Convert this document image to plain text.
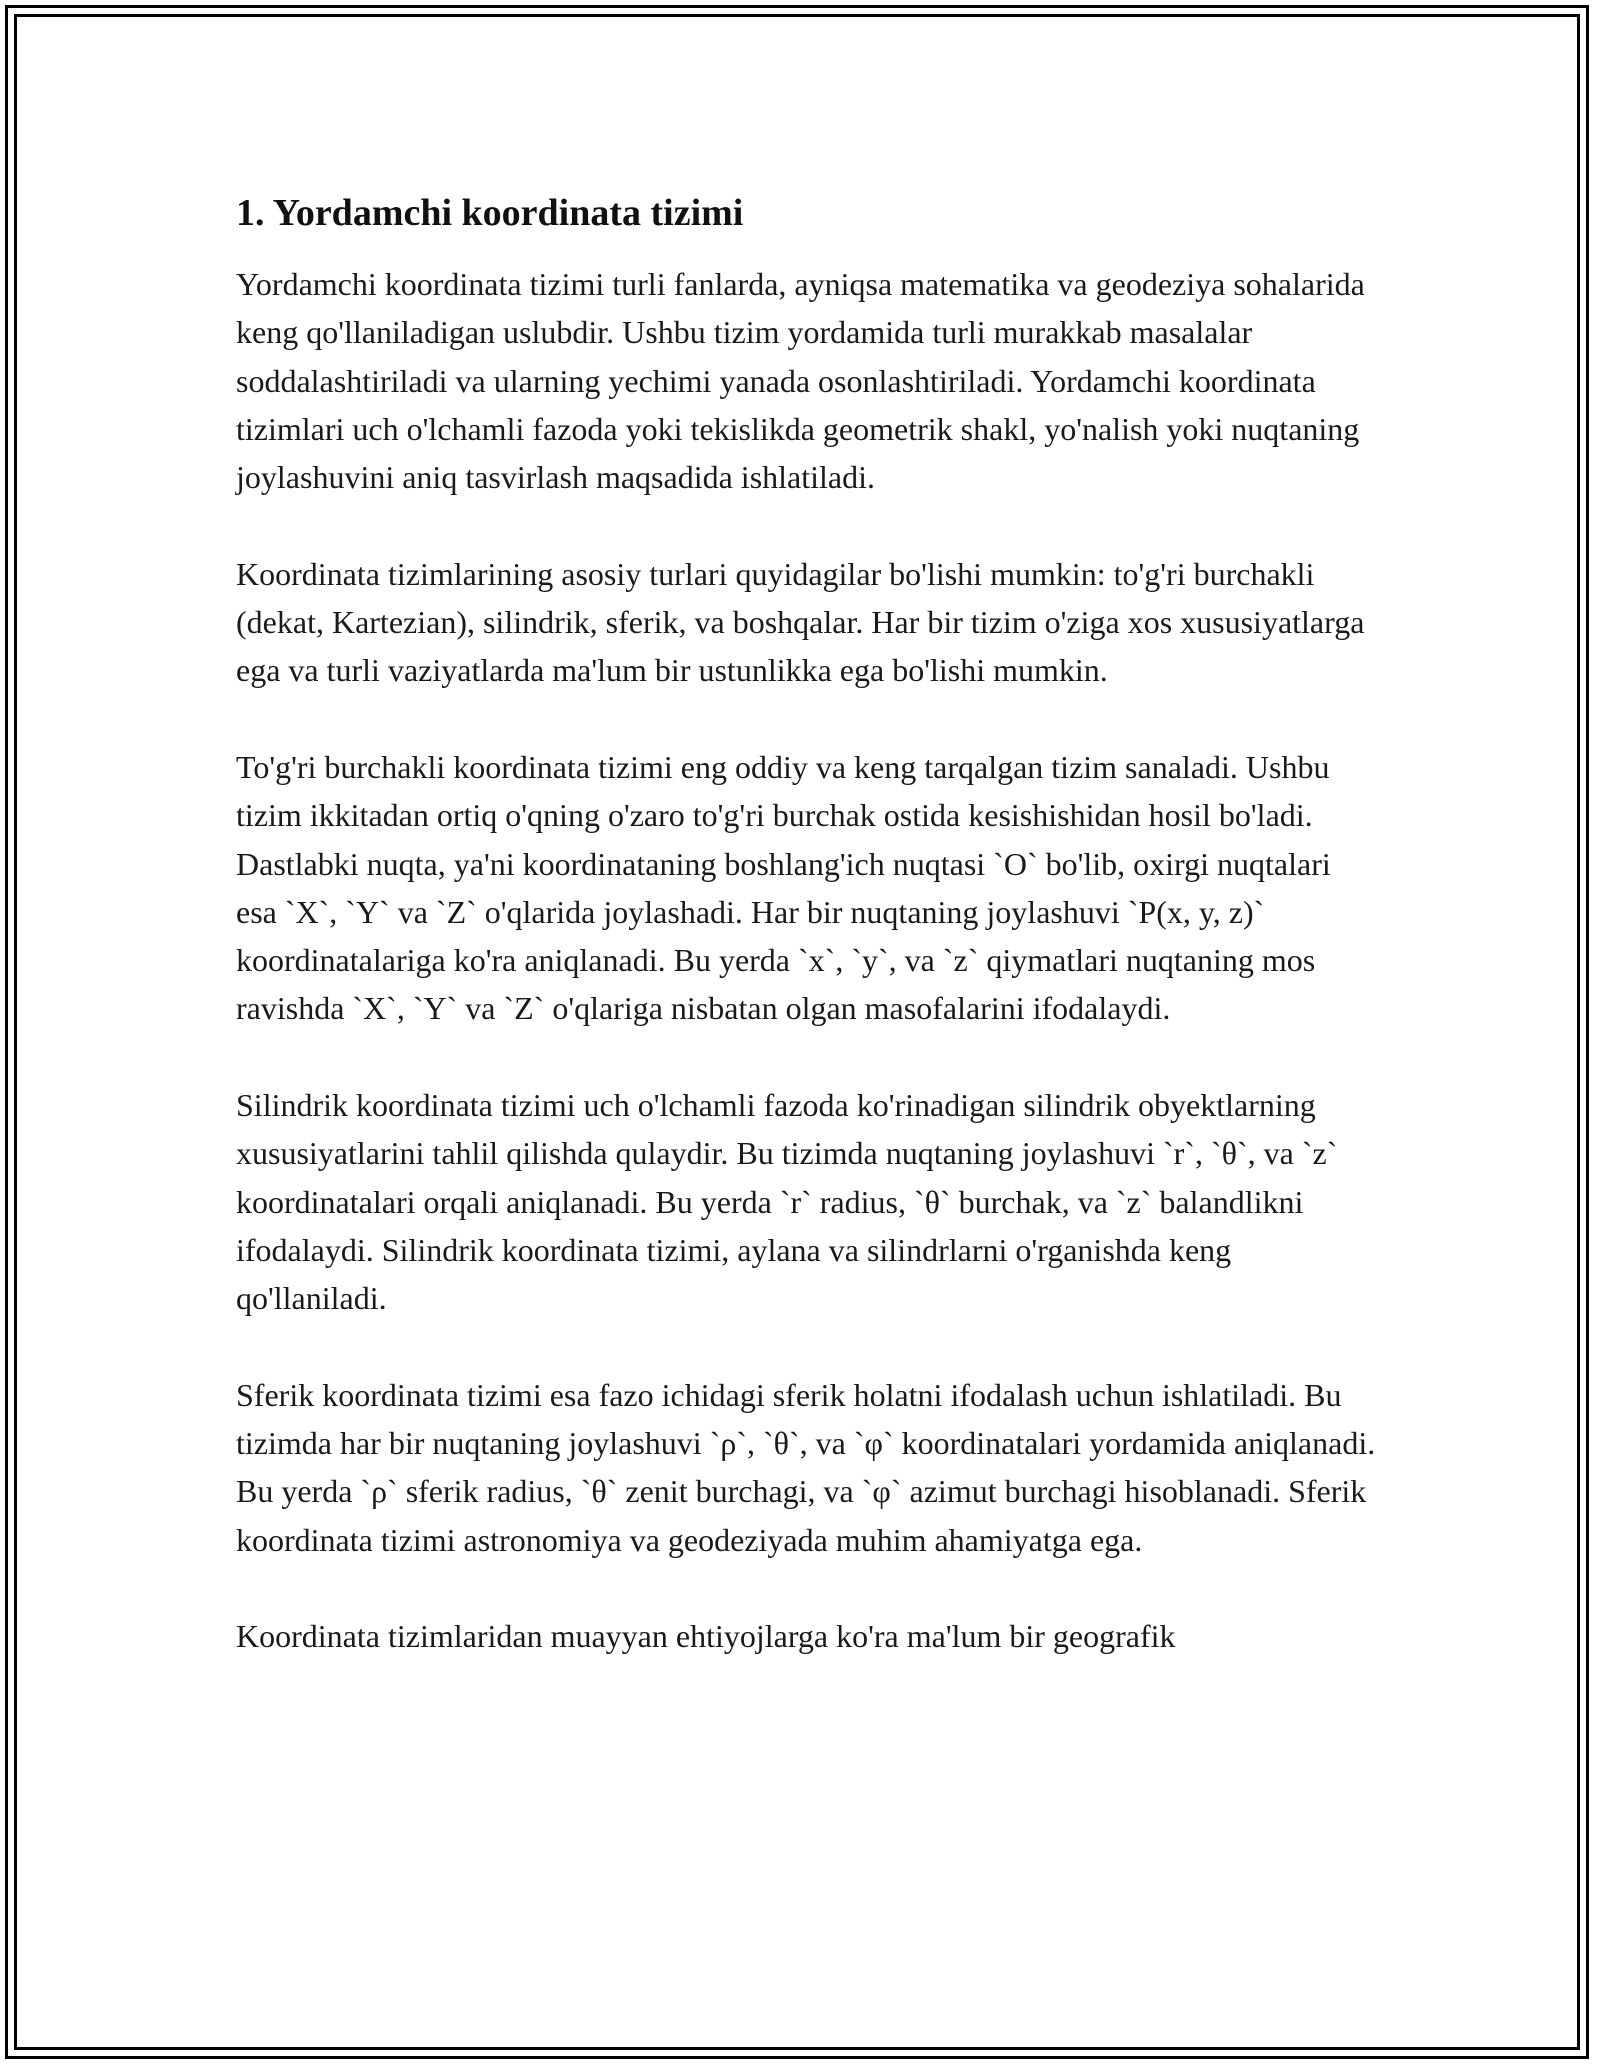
1. Yordamchi koordinata tizimi

Yordamchi koordinata tizimi turli fanlarda, ayniqsa matematika va geodeziya sohalarida keng qo'llaniladigan uslubdir. Ushbu tizim yordamida turli murakkab masalalar soddalashtiriladi va ularning yechimi yanada osonlashtiriladi. Yordamchi koordinata tizimlari uch o'lchamli fazoda yoki tekislikda geometrik shakl, yo'nalish yoki nuqtaning joylashuvini aniq tasvirlash maqsadida ishlatiladi.

Koordinata tizimlarining asosiy turlari quyidagilar bo'lishi mumkin: to'g'ri burchakli (dekat, Kartezian), silindrik, sferik, va boshqalar. Har bir tizim o'ziga xos xususiyatlarga ega va turli vaziyatlarda ma'lum bir ustunlikka ega bo'lishi mumkin.

To'g'ri burchakli koordinata tizimi eng oddiy va keng tarqalgan tizim sanaladi. Ushbu tizim ikkitadan ortiq o'qning o'zaro to'g'ri burchak ostida kesishishidan hosil bo'ladi. Dastlabki nuqta, ya'ni koordinataning boshlang'ich nuqtasi `O` bo'lib, oxirgi nuqtalari esa `X`, `Y` va `Z` o'qlarida joylashadi. Har bir nuqtaning joylashuvi `P(x, y, z)` koordinatalariga ko'ra aniqlanadi. Bu yerda `x`, `y`, va `z` qiymatlari nuqtaning mos ravishda `X`, `Y` va `Z` o'qlariga nisbatan olgan masofalarini ifodalaydi.

Silindrik koordinata tizimi uch o'lchamli fazoda ko'rinadigan silindrik obyektlarning xususiyatlarini tahlil qilishda qulaydir. Bu tizimda nuqtaning joylashuvi `r`, `θ`, va `z` koordinatalari orqali aniqlanadi. Bu yerda `r` radius, `θ` burchak, va `z` balandlikni ifodalaydi. Silindrik koordinata tizimi, aylana va silindrlarni o'rganishda keng qo'llaniladi.

Sferik koordinata tizimi esa fazo ichidagi sferik holatni ifodalash uchun ishlatiladi. Bu tizimda har bir nuqtaning joylashuvi `ρ`, `θ`, va `φ` koordinatalari yordamida aniqlanadi. Bu yerda `ρ` sferik radius, `θ` zenit burchagi, va `φ` azimut burchagi hisoblanadi. Sferik koordinata tizimi astronomiya va geodeziyada muhim ahamiyatga ega.

Koordinata tizimlaridan muayyan ehtiyojlarga ko'ra ma'lum bir geografik
